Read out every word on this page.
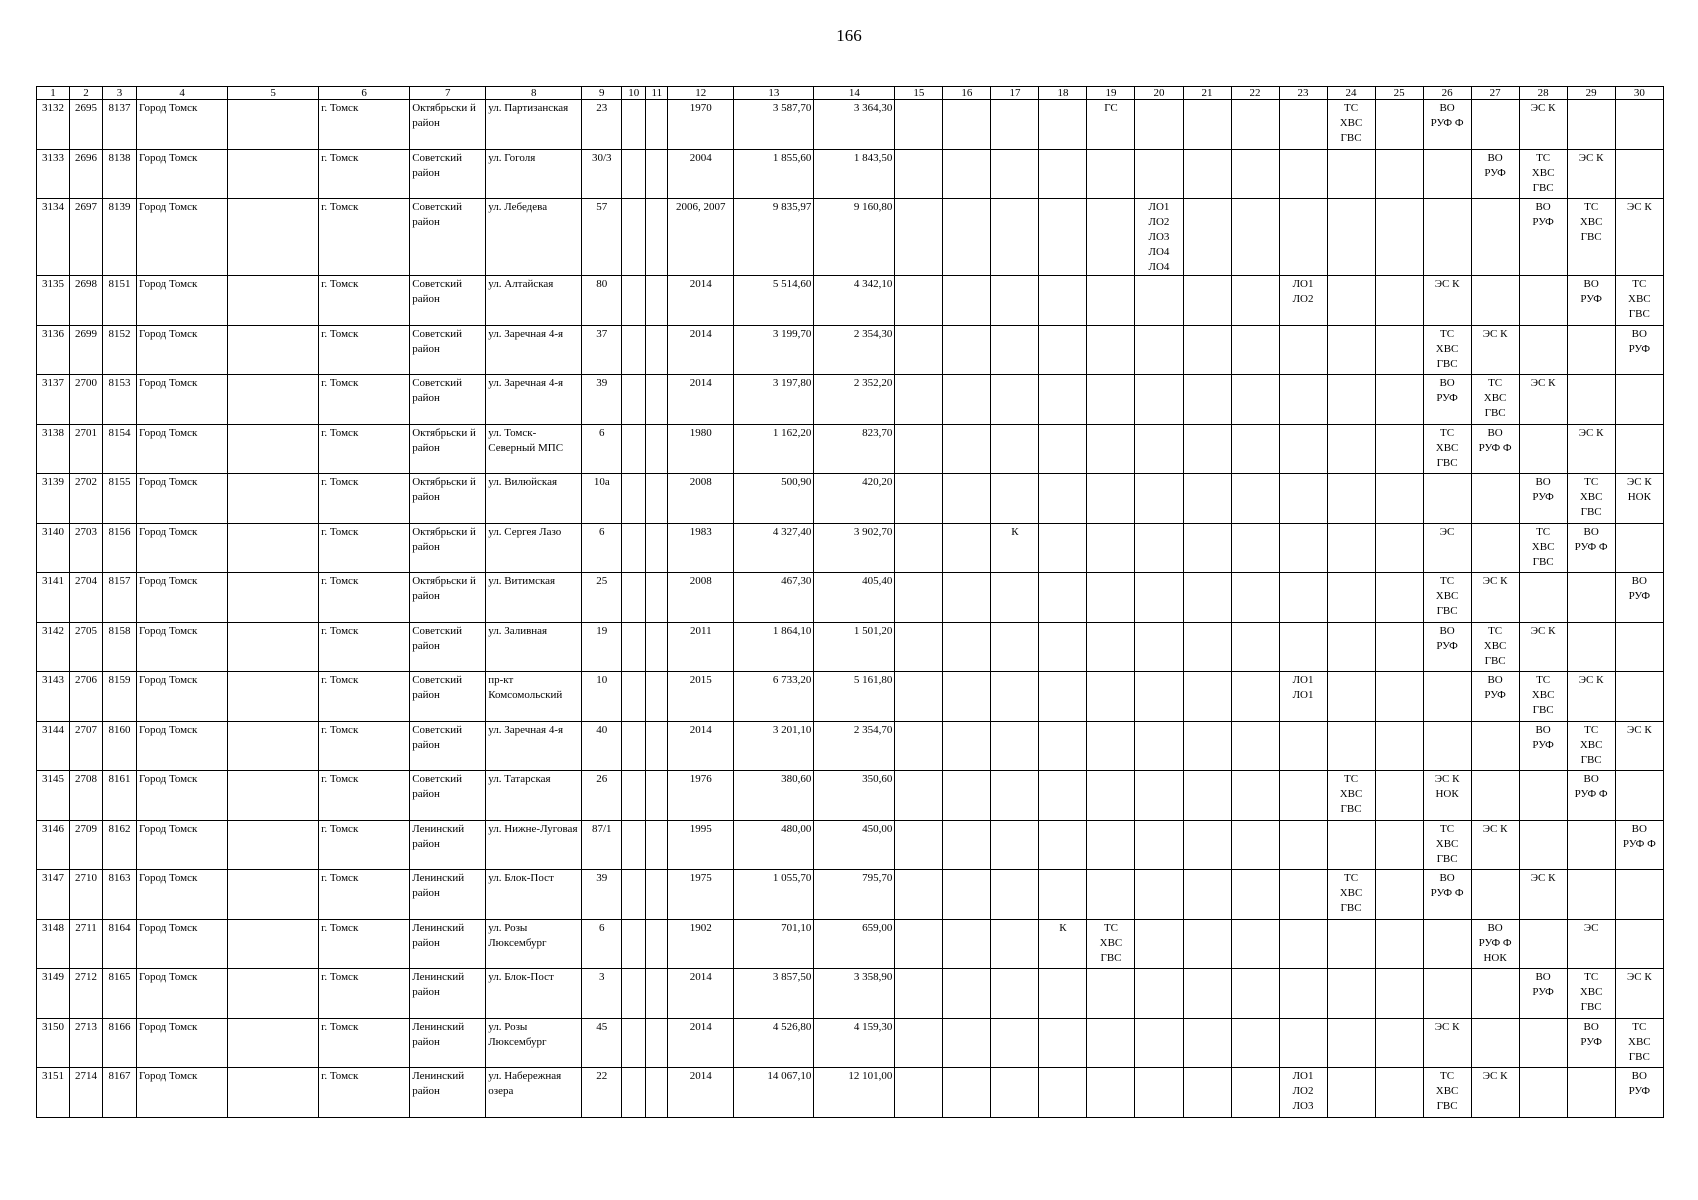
166
1	2	3	4	5	6	7	8	9	10	11	12	13	14	15	16	17	18	19	20	21	22	23	24	25	26	27	28	29	30
3132	2695	8137	Город Томск		г. Томск	Октябрьски й район	ул. Партизанская	23			1970	3 587,70	3 364,30					ГС					ТС
ХВС
ГВС		ВО
РУФ Ф		ЭС К		
3133	2696	8138	Город Томск		г. Томск	Советский район	ул. Гоголя	30/3			2004	1 855,60	1 843,50													ВО
РУФ	ТС
ХВС
ГВС	ЭС К	
3134	2697	8139	Город Томск		г. Томск	Советский район	ул. Лебедева	57			2006, 2007	9 835,97	9 160,80						ЛО1
ЛО2
ЛО3
ЛО4
ЛО4								ВО
РУФ	ТС
ХВС
ГВС	ЭС К
3135	2698	8151	Город Томск		г. Томск	Советский район	ул. Алтайская	80			2014	5 514,60	4 342,10									ЛО1
ЛО2			ЭС К			ВО
РУФ	ТС
ХВС
ГВС
3136	2699	8152	Город Томск		г. Томск	Советский район	ул. Заречная 4-я	37			2014	3 199,70	2 354,30												ТС
ХВС
ГВС	ЭС К			ВО
РУФ
3137	2700	8153	Город Томск		г. Томск	Советский район	ул. Заречная 4-я	39			2014	3 197,80	2 352,20												ВО
РУФ	ТС
ХВС
ГВС	ЭС К		
3138	2701	8154	Город Томск		г. Томск	Октябрьски й район	ул. Томск-Северный МПС	6			1980	1 162,20	823,70												ТС
ХВС
ГВС	ВО
РУФ Ф		ЭС К	
3139	2702	8155	Город Томск		г. Томск	Октябрьски й район	ул. Вилюйская	10а			2008	500,90	420,20														ВО
РУФ	ТС
ХВС
ГВС	ЭС К
НОК
3140	2703	8156	Город Томск		г. Томск	Октябрьски й район	ул. Сергея Лазо	6			1983	4 327,40	3 902,70			К									ЭС		ТС
ХВС
ГВС	ВО
РУФ Ф	
3141	2704	8157	Город Томск		г. Томск	Октябрьски й район	ул. Витимская	25			2008	467,30	405,40												ТС
ХВС
ГВС	ЭС К			ВО
РУФ
3142	2705	8158	Город Томск		г. Томск	Советский район	ул. Заливная	19			2011	1 864,10	1 501,20												ВО
РУФ	ТС
ХВС
ГВС	ЭС К		
3143	2706	8159	Город Томск		г. Томск	Советский район	пр-кт Комсомольский	10			2015	6 733,20	5 161,80									ЛО1
ЛО1				ВО
РУФ	ТС
ХВС
ГВС	ЭС К	
3144	2707	8160	Город Томск		г. Томск	Советский район	ул. Заречная 4-я	40			2014	3 201,10	2 354,70														ВО
РУФ	ТС
ХВС
ГВС	ЭС К
3145	2708	8161	Город Томск		г. Томск	Советский район	ул. Татарская	26			1976	380,60	350,60										ТС
ХВС
ГВС		ЭС К
НОК			ВО
РУФ Ф	
3146	2709	8162	Город Томск		г. Томск	Ленинский район	ул. Нижне-Луговая	87/1			1995	480,00	450,00												ТС
ХВС
ГВС	ЭС К			ВО
РУФ Ф
3147	2710	8163	Город Томск		г. Томск	Ленинский район	ул. Блок-Пост	39			1975	1 055,70	795,70										ТС
ХВС
ГВС		ВО
РУФ Ф		ЭС К		
3148	2711	8164	Город Томск		г. Томск	Ленинский район	ул. Розы Люксембург	6			1902	701,10	659,00				К	ТС
ХВС
ГВС								ВО
РУФ Ф
НОК		ЭС	
3149	2712	8165	Город Томск		г. Томск	Ленинский район	ул. Блок-Пост	3			2014	3 857,50	3 358,90														ВО
РУФ	ТС
ХВС
ГВС	ЭС К
3150	2713	8166	Город Томск		г. Томск	Ленинский район	ул. Розы Люксембург	45			2014	4 526,80	4 159,30												ЭС К			ВО
РУФ	ТС
ХВС
ГВС
3151	2714	8167	Город Томск		г. Томск	Ленинский район	ул. Набережная озера	22			2014	14 067,10	12 101,00									ЛО1
ЛО2
ЛО3			ТС
ХВС
ГВС	ЭС К			ВО
РУФ
